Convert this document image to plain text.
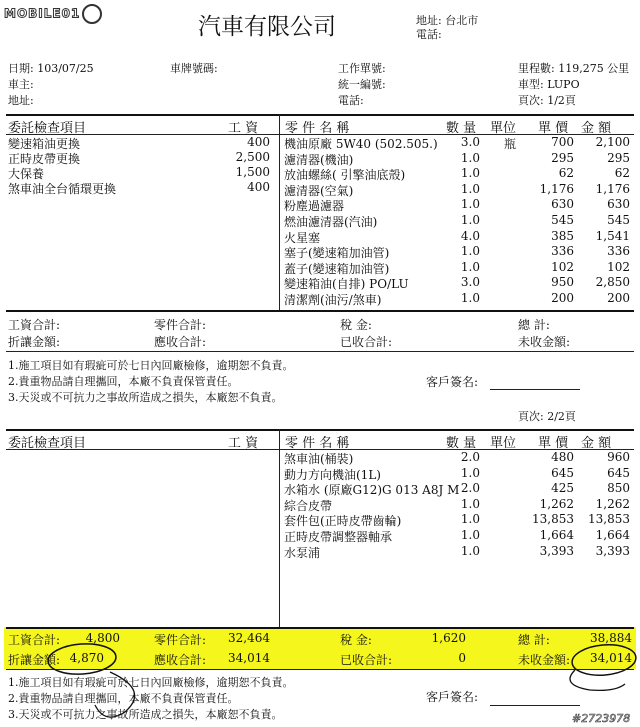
MOBILE01
汽車有限公司	地址: 台北市
電話:
日期: 103/07/25
車主:
地址:
車牌號碼:	工作單號:
統一編號:
電話:
里程數: 119,275 公里
車型: LUPO
頁次: 1/2頁
委託檢查項目	工 資 零 件 名 稱	數 量 單位 單 價 金 額
變速箱油更換	400
正時皮帶更換	2,500
大保養	1,500
煞車油全台循環更換	400
機油原廠 5W40 (502.505.)	3.0 瓶	700	2,100
濾清器(機油)	1.0	295	295
放油螺絲( 引擎油底殼)	1.0	62	62
濾清器(空氣)	1.0	1,176	1,176
粉塵過濾器	1.0	630	630
燃油濾清器(汽油)	1.0	545	545
火星塞	4.0	385	1,541
塞子(變速箱加油管)	1.0	336	336
蓋子(變速箱加油管)	1.0	102	102
變速箱油(自排) PO/LU	3.0	950	2,850
清潔劑(油污/煞車)	1.0	200	200
工資合計:	零件合計:	稅 金:	總 計:
折讓金額:	應收合計:	已收合計:	未收金額:
1.施工項目如有瑕疵可於七日內回廠檢修，逾期恕不負責。
2.貴重物品請自理攜回，本廠不負責保管責任。
3.天災或不可抗力之事故所造成之損失，本廠恕不負責。
客戶簽名:
頁次: 2/2頁
委託檢查項目	工 資 零 件 名 稱	數 量 單位 單 價 金 額
煞車油(桶裝)	2.0	480	960
動力方向機油(1L)	1.0	645	645
水箱水 (原廠G12)G 013 A8J M 2.0	425	850
綜合皮帶	1.0	1,262	1,262
套件包(正時皮帶齒輪)	1.0	13,853	13,853
正時皮帶調整器軸承	1.0	1,664	1,664
水泵浦	1.0	3,393	3,393
工資合計:	4,800	零件合計:	32,464	稅 金:	1,620	總 計:	38,884
折讓金額: 4,870	應收合計:	34,014	已收合計:	0	未收金額:	34,014
1.施工項目如有瑕疵可於七日內回廠檢修，逾期恕不負責。
2.貴重物品請自理攜回，本廠不負責保管責任。
3.天災或不可抗力之事故所造成之損失，本廠恕不負責。
客戶簽名:
#2723978
